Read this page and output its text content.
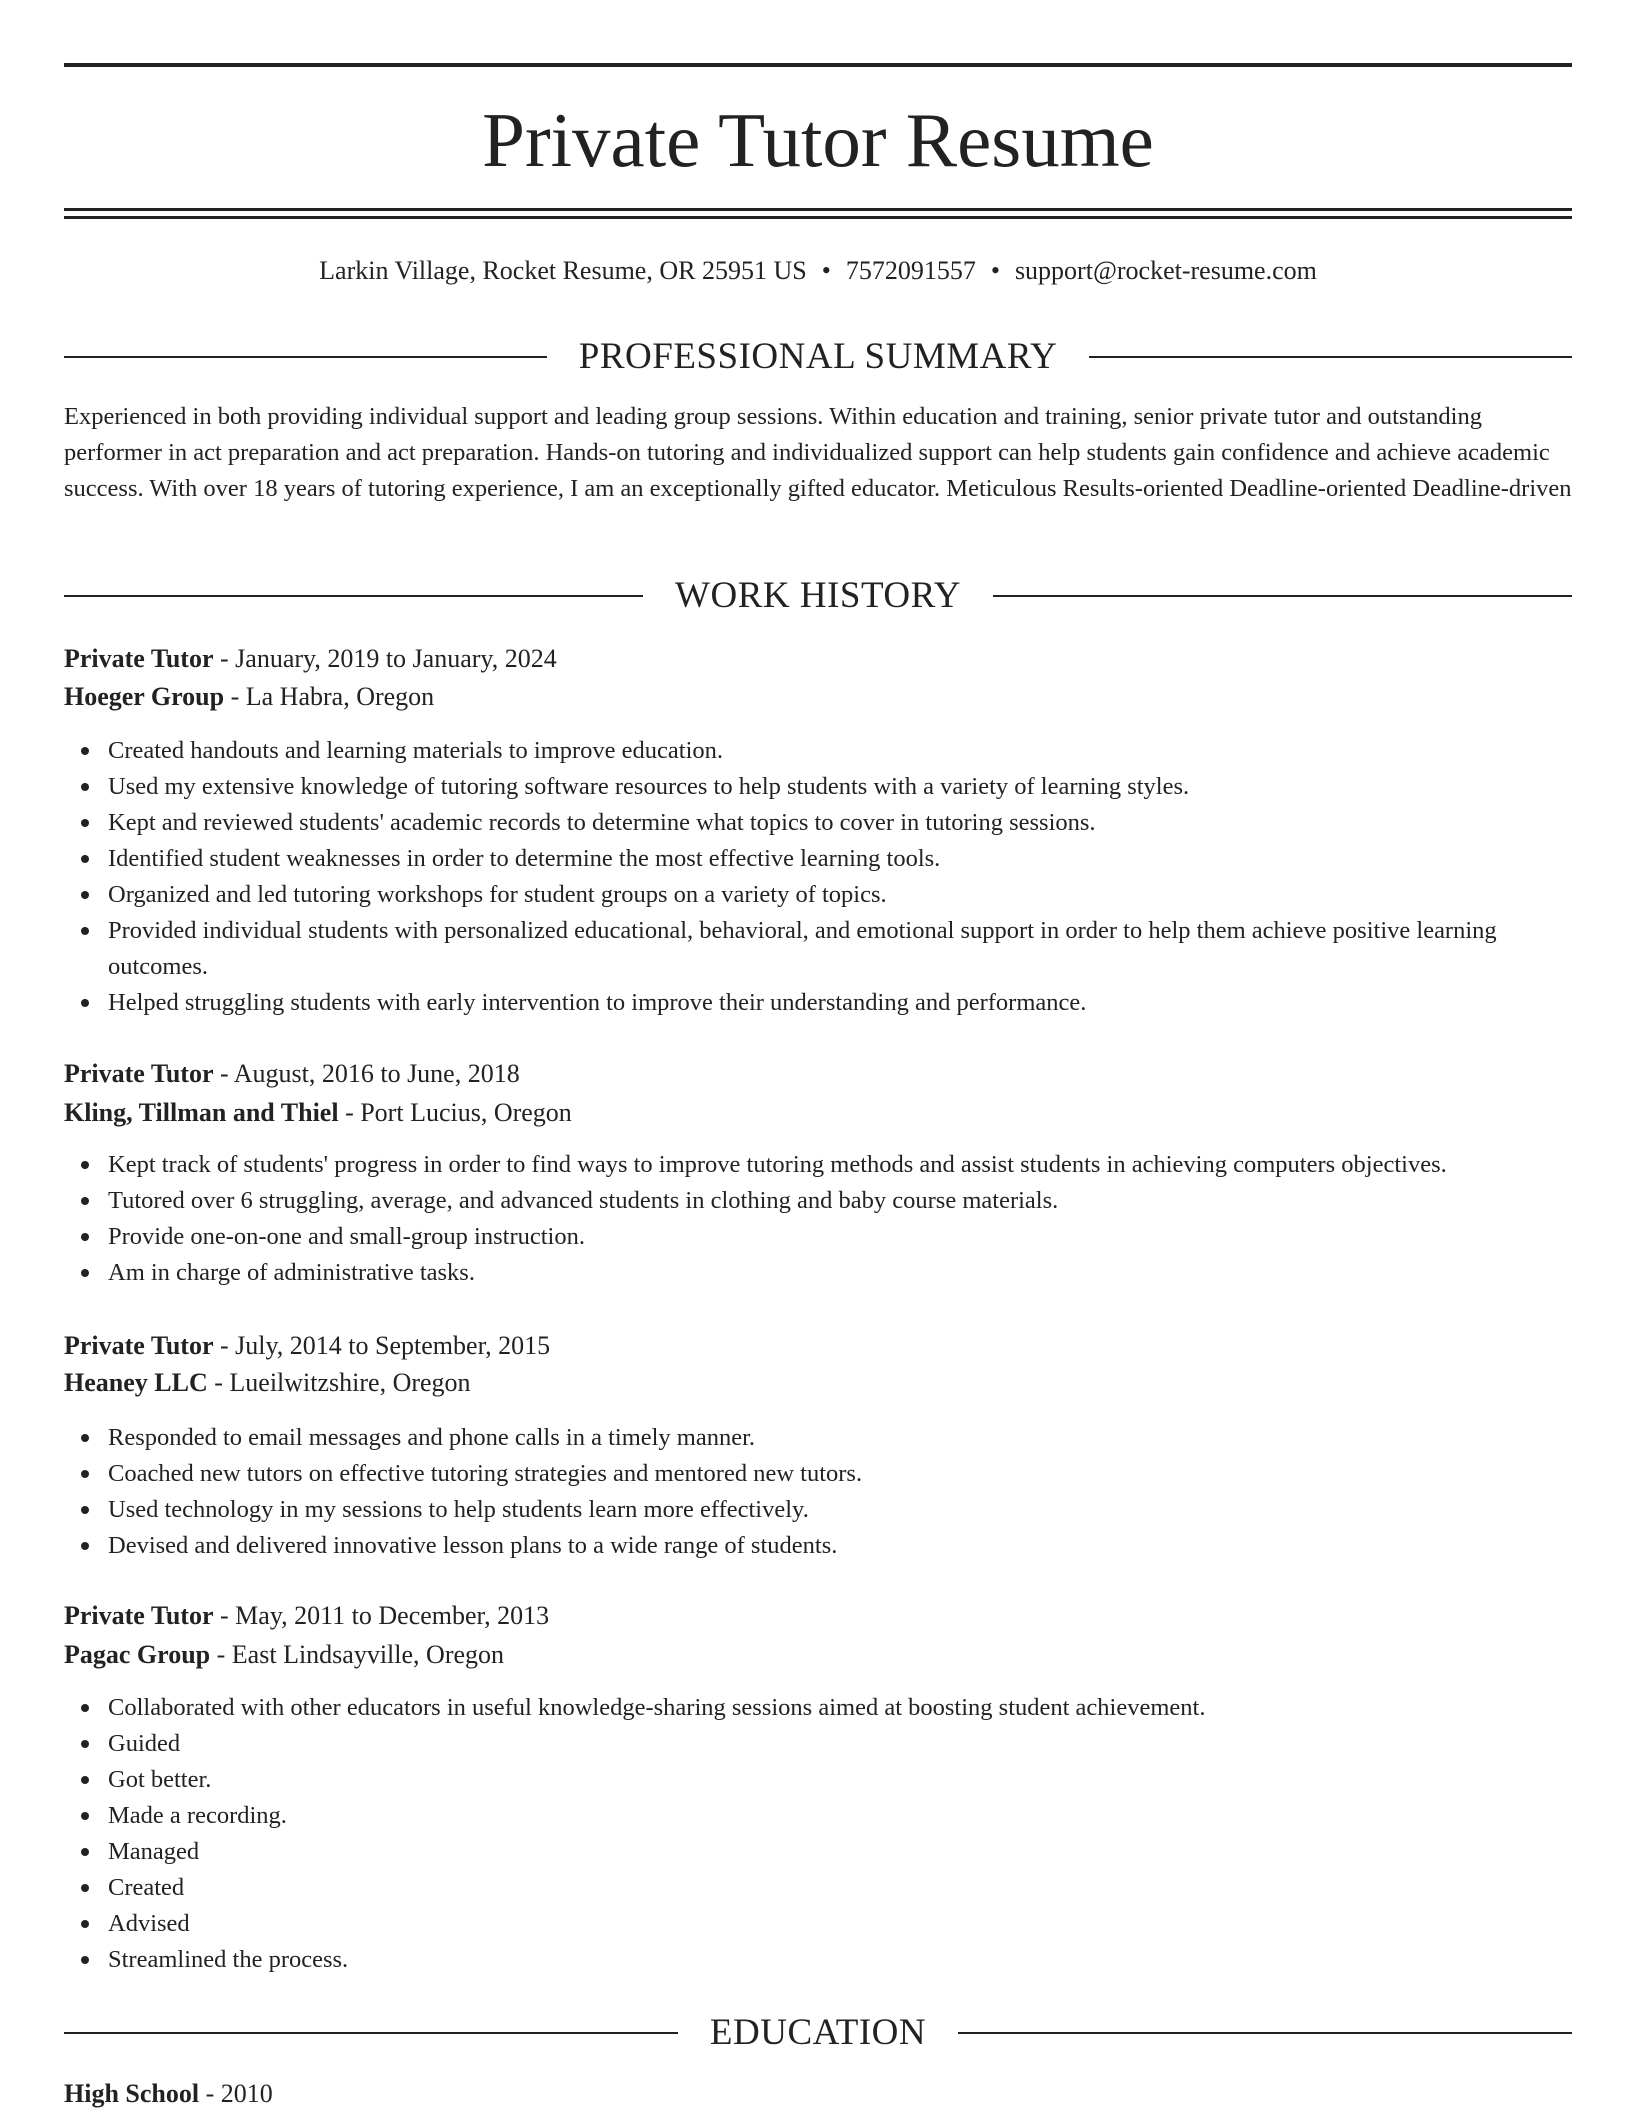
Private Tutor Resume
Larkin Village, Rocket Resume, OR 25951 US • 7572091557 • support@rocket-resume.com
PROFESSIONAL SUMMARY

Experienced in both providing individual support and leading group sessions. Within education and training, senior private tutor and outstanding performer in act preparation and act preparation. Hands-on tutoring and individualized support can help students gain confidence and achieve academic success. With over 18 years of tutoring experience, I am an exceptionally gifted educator. Meticulous Results-oriented Deadline-oriented Deadline-driven

WORK HISTORY
Private Tutor - January, 2019 to January, 2024
Hoeger Group - La Habra, Oregon
Created handouts and learning materials to improve education.
Used my extensive knowledge of tutoring software resources to help students with a variety of learning styles.
Kept and reviewed students' academic records to determine what topics to cover in tutoring sessions.
Identified student weaknesses in order to determine the most effective learning tools.
Organized and led tutoring workshops for student groups on a variety of topics.
Provided individual students with personalized educational, behavioral, and emotional support in order to help them achieve positive learning outcomes.
Helped struggling students with early intervention to improve their understanding and performance.
Private Tutor - August, 2016 to June, 2018
Kling, Tillman and Thiel - Port Lucius, Oregon
Kept track of students' progress in order to find ways to improve tutoring methods and assist students in achieving computers objectives.
Tutored over 6 struggling, average, and advanced students in clothing and baby course materials.
Provide one-on-one and small-group instruction.
Am in charge of administrative tasks.
Private Tutor - July, 2014 to September, 2015
Heaney LLC - Lueilwitzshire, Oregon
Responded to email messages and phone calls in a timely manner.
Coached new tutors on effective tutoring strategies and mentored new tutors.
Used technology in my sessions to help students learn more effectively.
Devised and delivered innovative lesson plans to a wide range of students.
Private Tutor - May, 2011 to December, 2013
Pagac Group - East Lindsayville, Oregon
Collaborated with other educators in useful knowledge-sharing sessions aimed at boosting student achievement.
Guided
Got better.
Made a recording.
Managed
Created
Advised
Streamlined the process.
EDUCATION
High School - 2010
